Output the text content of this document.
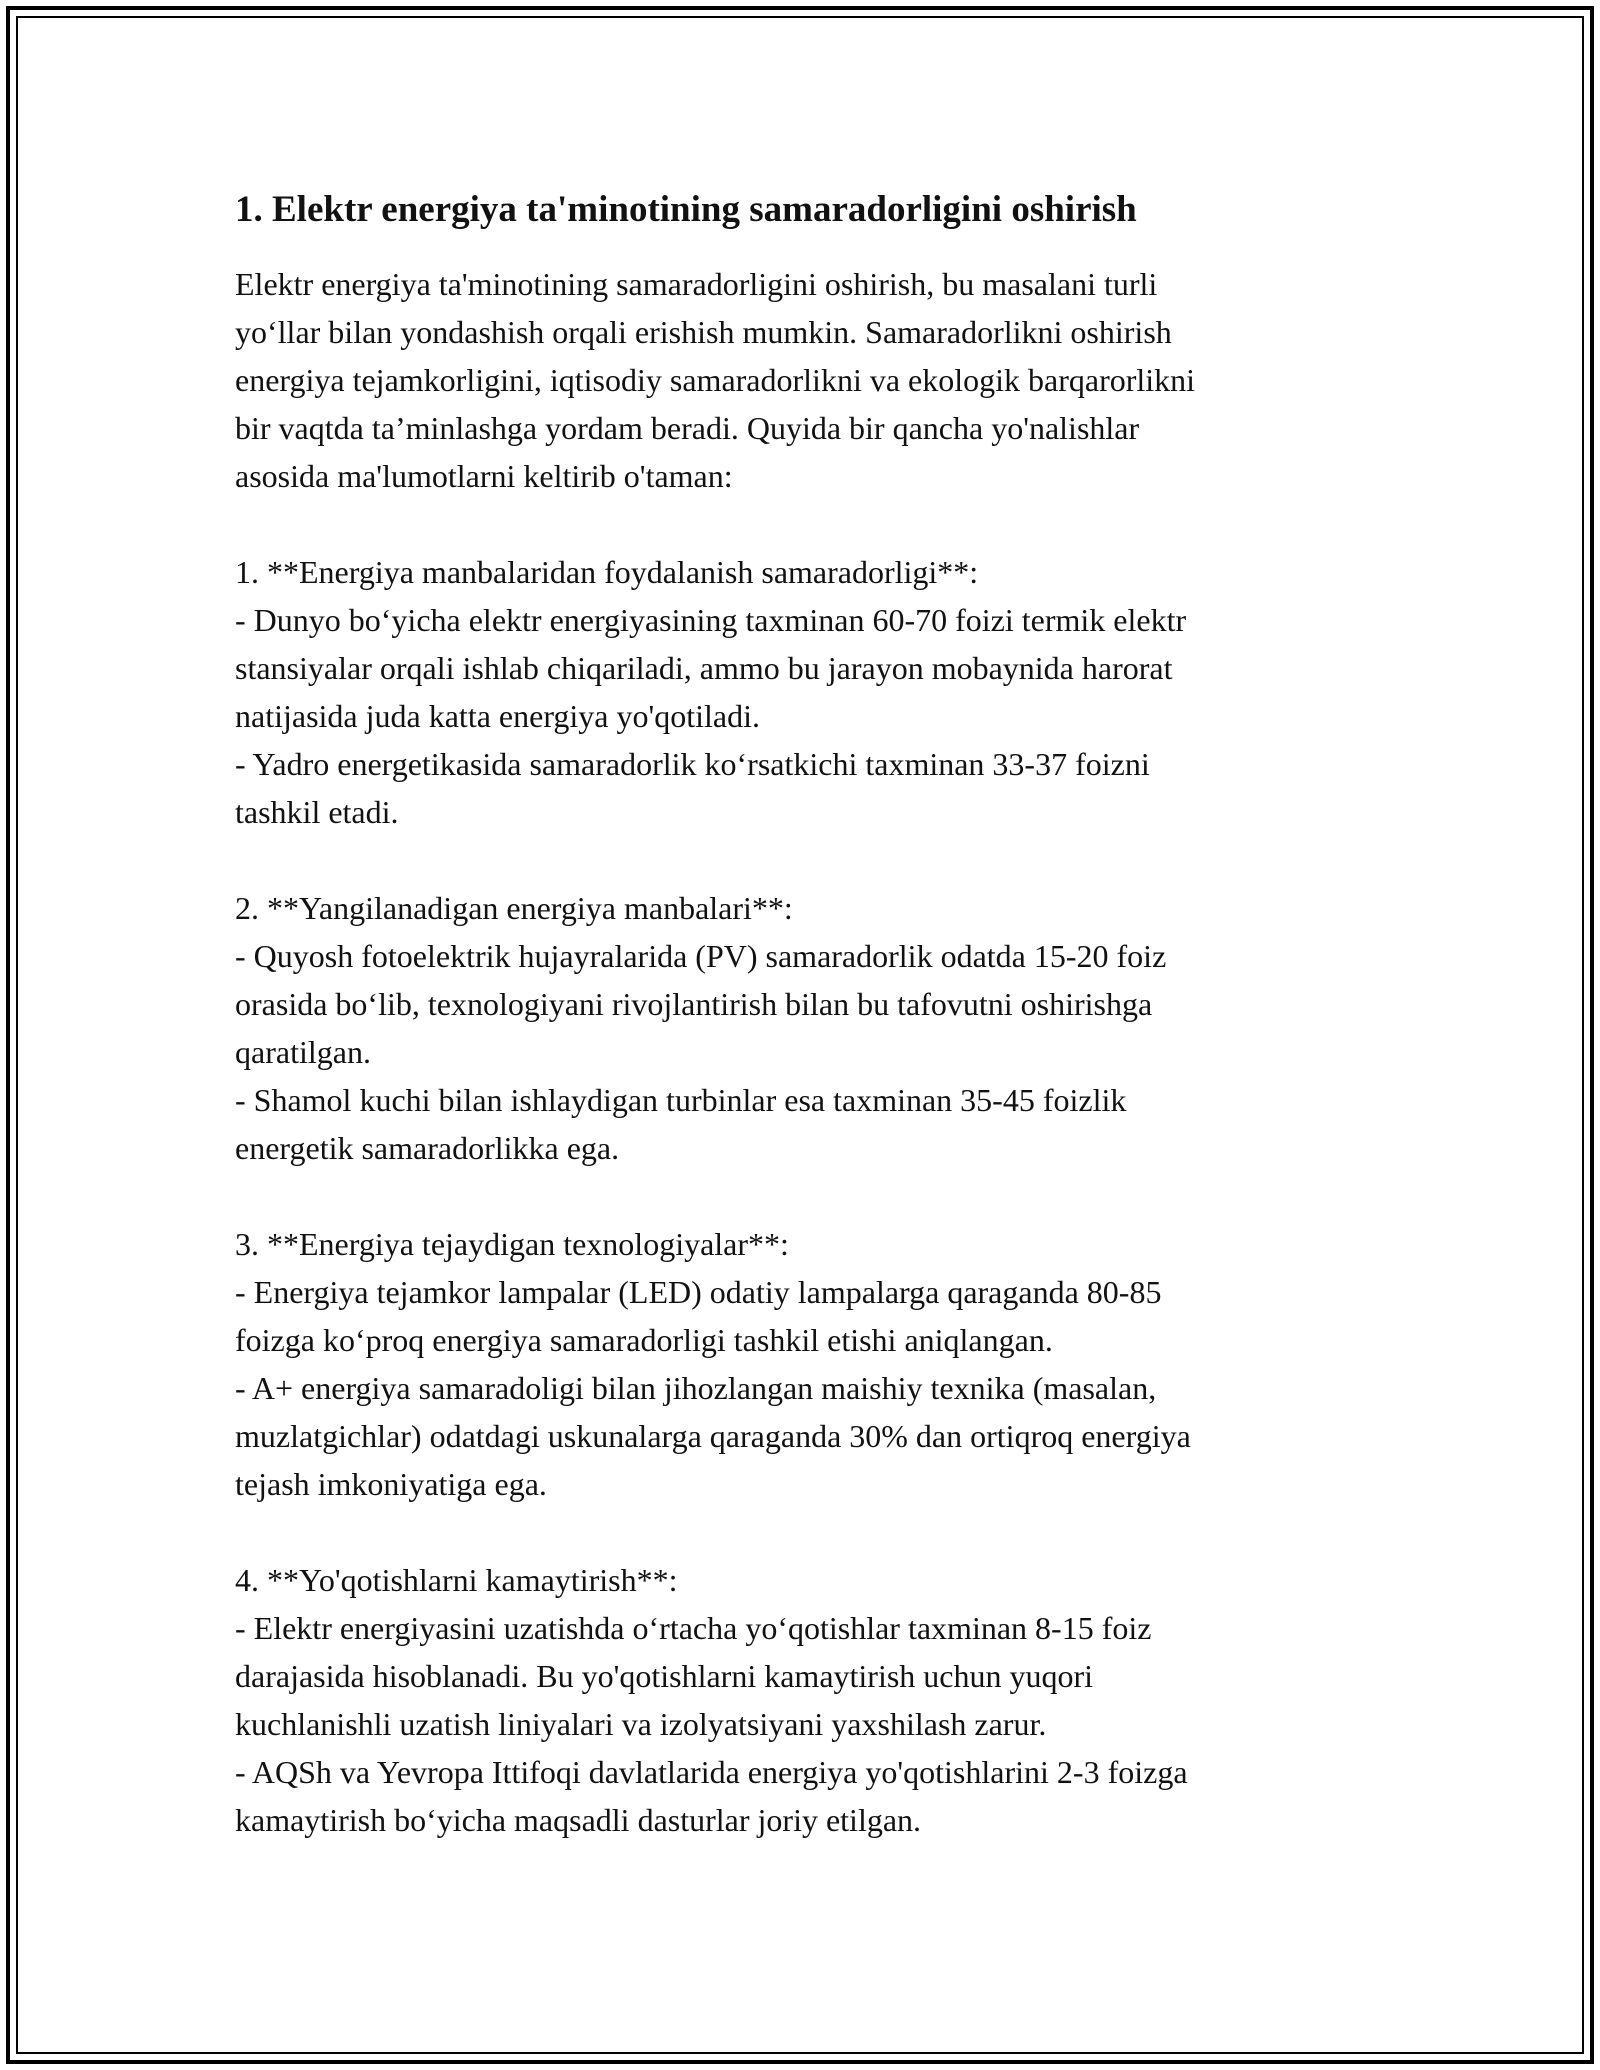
1. Elektr energiya ta'minotining samaradorligini oshirish

Elektr energiya ta'minotining samaradorligini oshirish, bu masalani turli
yo‘llar bilan yondashish orqali erishish mumkin. Samaradorlikni oshirish
energiya tejamkorligini, iqtisodiy samaradorlikni va ekologik barqarorlikni
bir vaqtda ta’minlashga yordam beradi. Quyida bir qancha yo'nalishlar
asosida ma'lumotlarni keltirib o'taman:

1. **Energiya manbalaridan foydalanish samaradorligi**:
- Dunyo bo‘yicha elektr energiyasining taxminan 60-70 foizi termik elektr
stansiyalar orqali ishlab chiqariladi, ammo bu jarayon mobaynida harorat
natijasida juda katta energiya yo'qotiladi.
- Yadro energetikasida samaradorlik ko‘rsatkichi taxminan 33-37 foizni
tashkil etadi.
2. **Yangilanadigan energiya manbalari**:
- Quyosh fotoelektrik hujayralarida (PV) samaradorlik odatda 15-20 foiz
orasida bo‘lib, texnologiyani rivojlantirish bilan bu tafovutni oshirishga
qaratilgan.
- Shamol kuchi bilan ishlaydigan turbinlar esa taxminan 35-45 foizlik
energetik samaradorlikka ega.
3. **Energiya tejaydigan texnologiyalar**:
- Energiya tejamkor lampalar (LED) odatiy lampalarga qaraganda 80-85
foizga ko‘proq energiya samaradorligi tashkil etishi aniqlangan.
- A+ energiya samaradoligi bilan jihozlangan maishiy texnika (masalan,
muzlatgichlar) odatdagi uskunalarga qaraganda 30% dan ortiqroq energiya
tejash imkoniyatiga ega.
4. **Yo'qotishlarni kamaytirish**:
- Elektr energiyasini uzatishda o‘rtacha yo‘qotishlar taxminan 8-15 foiz
darajasida hisoblanadi. Bu yo'qotishlarni kamaytirish uchun yuqori
kuchlanishli uzatish liniyalari va izolyatsiyani yaxshilash zarur.
- AQSh va Yevropa Ittifoqi davlatlarida energiya yo'qotishlarini 2-3 foizga
kamaytirish bo‘yicha maqsadli dasturlar joriy etilgan.
